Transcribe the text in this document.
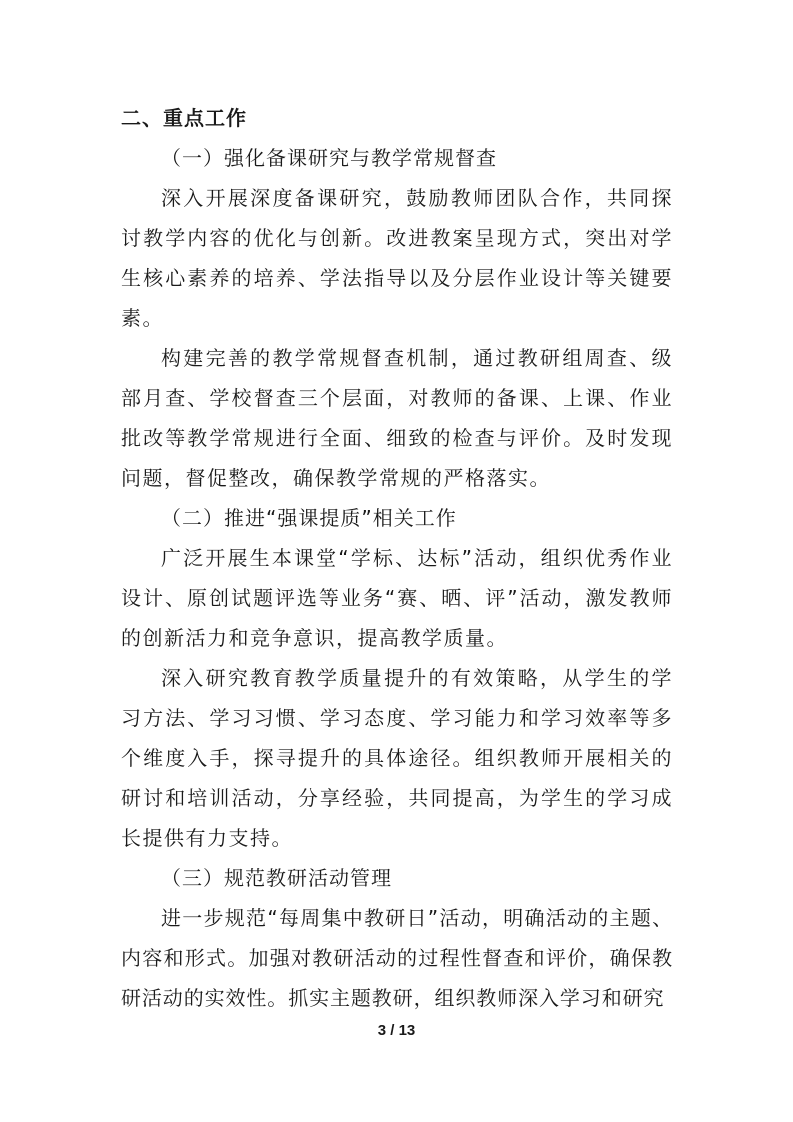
二、重点工作
（一）强化备课研究与教学常规督查

深入开展深度备课研究，鼓励教师团队合作，共同探讨教学内容的优化与创新。改进教案呈现方式，突出对学生核心素养的培养、学法指导以及分层作业设计等关键要素。

构建完善的教学常规督查机制，通过教研组周查、级部月查、学校督查三个层面，对教师的备课、上课、作业批改等教学常规进行全面、细致的检查与评价。及时发现问题，督促整改，确保教学常规的严格落实。

（二）推进“强课提质”相关工作

广泛开展生本课堂“学标、达标”活动，组织优秀作业设计、原创试题评选等业务“赛、晒、评”活动，激发教师的创新活力和竞争意识，提高教学质量。

深入研究教育教学质量提升的有效策略，从学生的学习方法、学习习惯、学习态度、学习能力和学习效率等多个维度入手，探寻提升的具体途径。组织教师开展相关的研讨和培训活动，分享经验，共同提高，为学生的学习成长提供有力支持。

（三）规范教研活动管理

进一步规范“每周集中教研日”活动，明确活动的主题、内容和形式。加强对教研活动的过程性督查和评价，确保教研活动的实效性。抓实主题教研，组织教师深入学习和研究

3 / 13
